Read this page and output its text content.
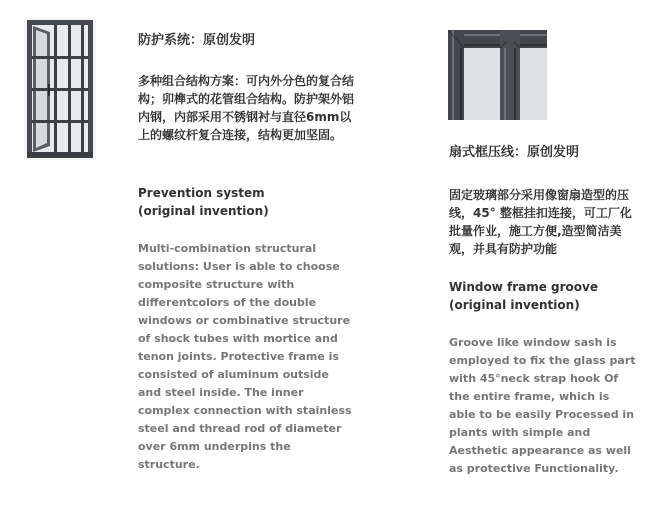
防护系统：原创发明
多种组合结构方案：可内外分色的复合结构；卯榫式的花管组合结构。防护架外铝内钢，内部采用不锈钢衬与直径6mm以上的螺纹杆复合连接，结构更加坚固。
Prevention system (original invention)
Multi-combination structural solutions: User is able to choose composite structure with differentcolors of the double windows or combinative structure of shock tubes with mortice and tenon joints. Protective frame is consisted of aluminum outside and steel inside. The inner complex connection with stainless steel and thread rod of diameter over 6mm underpins the structure.
扇式框压线：原创发明
固定玻璃部分采用像窗扇造型的压线，45° 整框挂扣连接，可工厂化批量作业，施工方便,造型简洁美观，并具有防护功能
Window frame groove (original invention)
Groove like window sash is employed to fix the glass part with 45°neck strap hook Of the entire frame, which is able to be easily Processed in plants with simple and Aesthetic appearance as well as protective Functionality.
